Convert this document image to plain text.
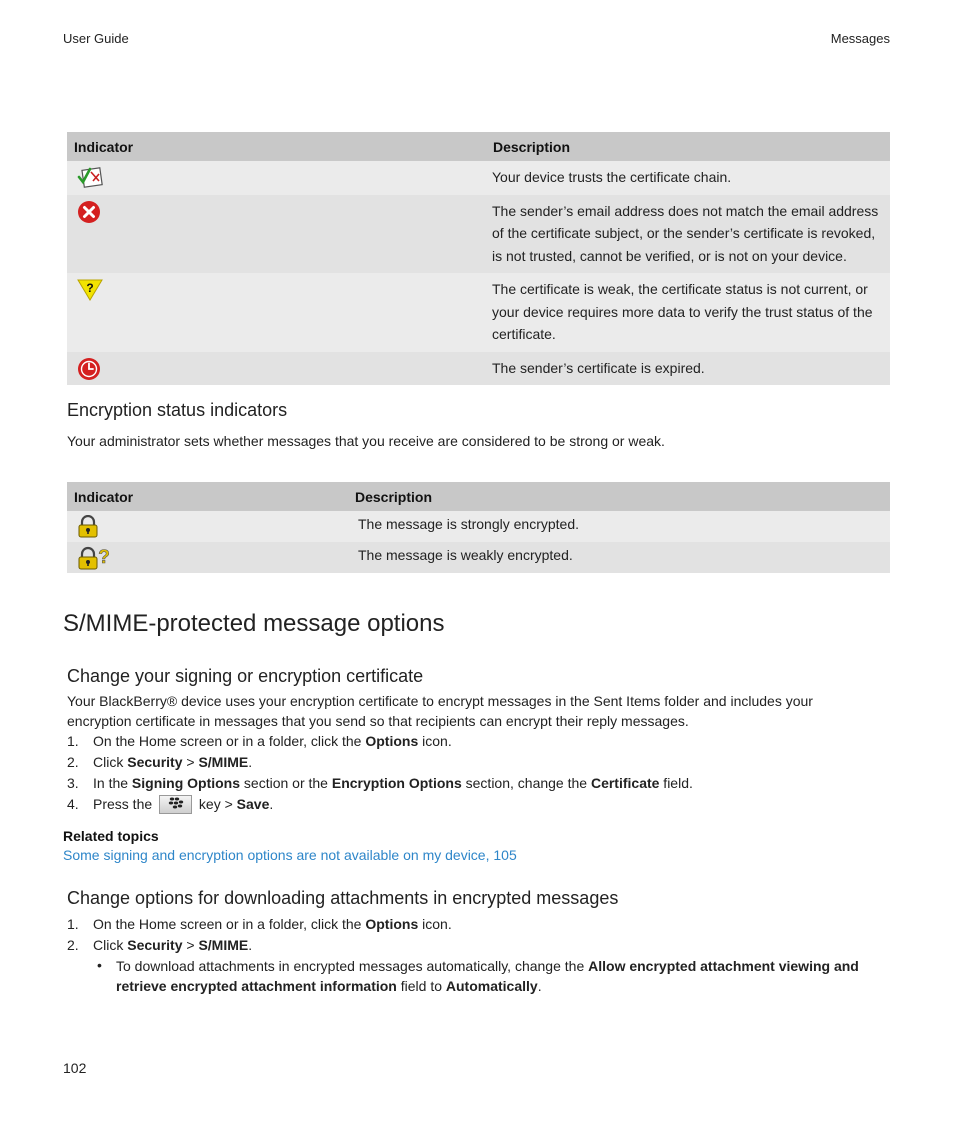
User Guide	Messages
Indicator	Description
	Your device trusts the certificate chain.
	The sender’s email address does not match the email address of the certificate subject, or the sender’s certificate is revoked, is not trusted, cannot be verified, or is not on your device.

?	The certificate is weak, the certificate status is not current, or your device requires more data to verify the trust status of the certificate.
	The sender’s certificate is expired.
Encryption status indicators

Your administrator sets whether messages that you receive are considered to be strong or weak.

Indicator	Description
	The message is strongly encrypted.

?	The message is weakly encrypted.
S/MIME-protected message options
Change your signing or encryption certificate

Your BlackBerry® device uses your encryption certificate to encrypt messages in the Sent Items folder and includes your encryption certificate in messages that you send so that recipients can encrypt their reply messages.

1. On the Home screen or in a folder, click the Options icon.
2. Click Security > S/MIME.
3. In the Signing Options section or the Encryption Options section, change the Certificate field.
4. Press the	key > Save.
Related topics
Some signing and encryption options are not available on my device, 105
Change options for downloading attachments in encrypted messages
1. On the Home screen or in a folder, click the Options icon.
2. Click Security > S/MIME.
• To download attachments in encrypted messages automatically, change the Allow encrypted attachment viewing and
retrieve encrypted attachment information field to Automatically.
102
